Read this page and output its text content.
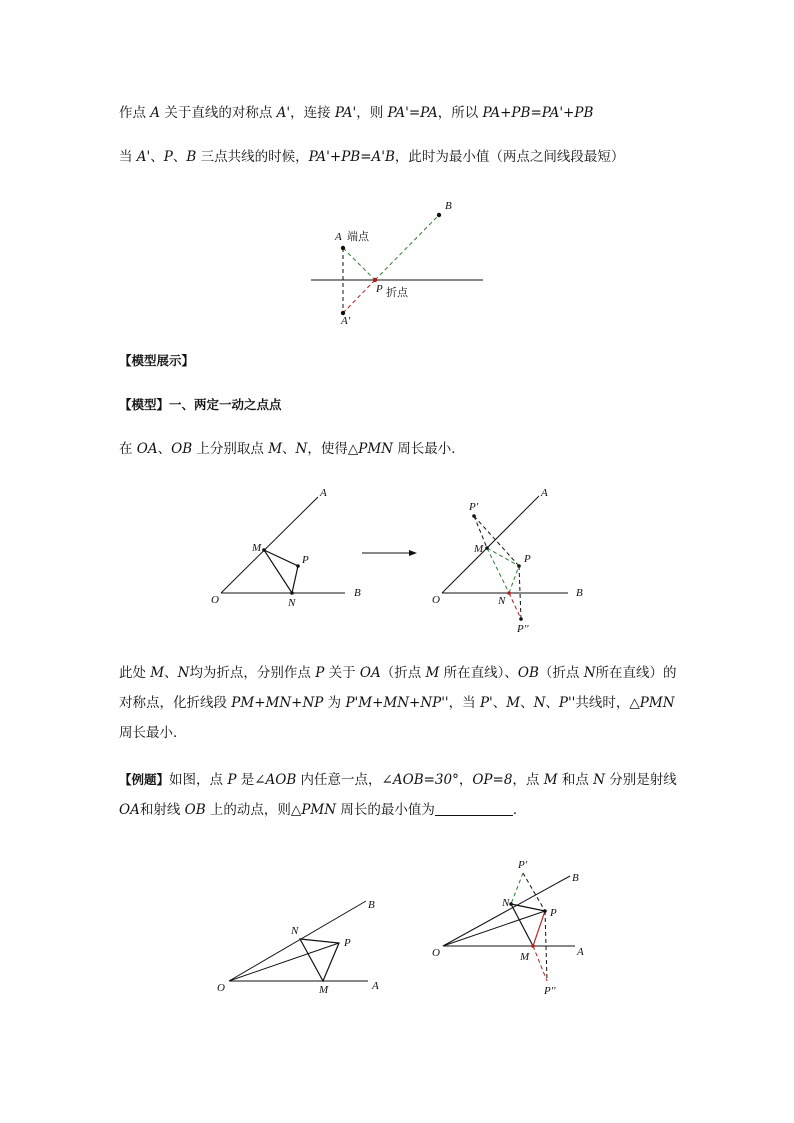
作点 A 关于直线的对称点 A'，连接 PA'，则 PA'=PA，所以 PA+PB=PA'+PB
当 A'、P、B 三点共线的时候，PA'+PB=A'B，此时为最小值（两点之间线段最短）
【模型展示】
【模型】一、两定一动之点点
在 OA、OB 上分别取点 M、N，使得△PMN 周长最小．
此处 M、N均为折点，分别作点 P 关于 OA（折点 M 所在直线）、OB（折点 N所在直线）的对称点，化折线段 PM+MN+NP 为 P'M+MN+NP''，当 P'、M、N、P''共线时，△PMN 周长最小．
【例题】如图，点 P 是∠AOB 内任意一点，∠AOB=30°，OP=8，点 M 和点 N 分别是射线 OA和射线 OB 上的动点，则△PMN 周长的最小值为	．
A 端点
B
P 折点
A'
O
A
B
M
P
N	O
A
B
P'
M
P
N
P''
O	A
B
N
P
M
O	A
B
P'
N
P
M
P''
